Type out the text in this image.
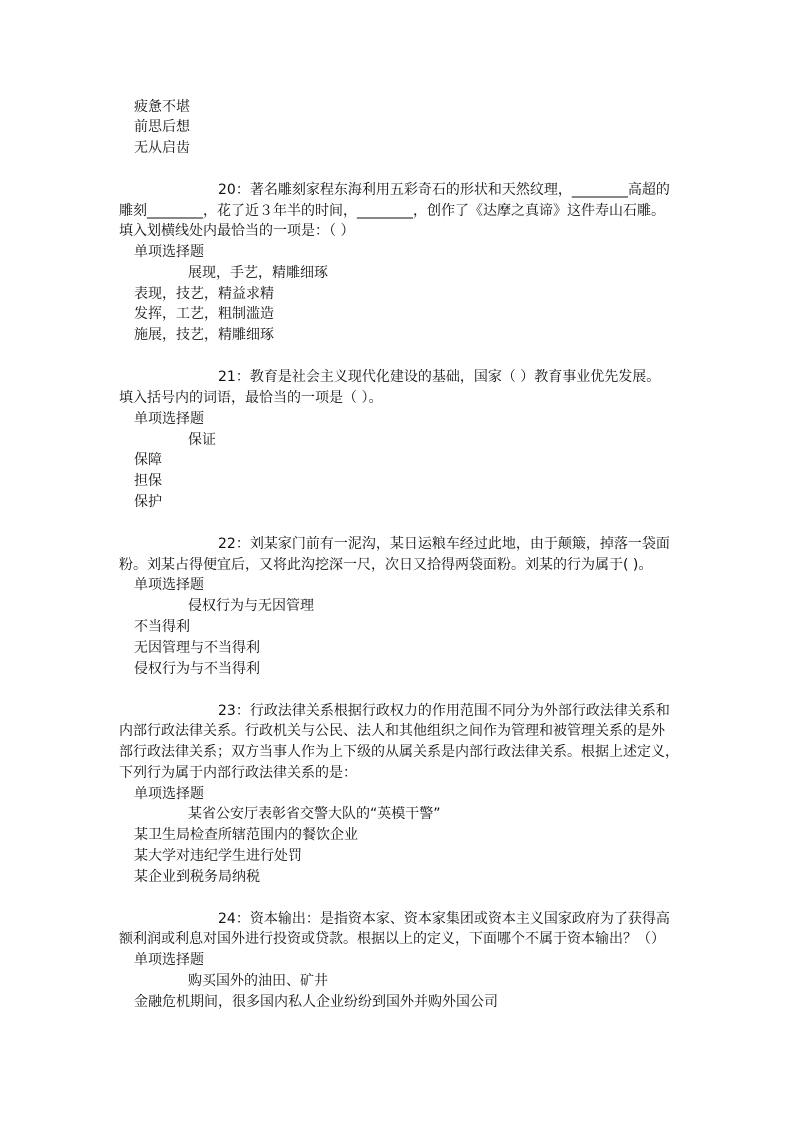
疲惫不堪
前思后想
无从启齿
20：著名雕刻家程东海利用五彩奇石的形状和天然纹理，________高超的
雕刻________，花了近３年半的时间，________，创作了《达摩之真谛》这件寿山石雕。
填入划横线处内最恰当的一项是：（ ）
单项选择题
展现，手艺，精雕细琢
表现，技艺，精益求精
发挥，工艺，粗制滥造
施展，技艺，精雕细琢
21：教育是社会主义现代化建设的基础，国家（ ）教育事业优先发展。
填入括号内的词语，最恰当的一项是（ ）。
单项选择题
保证
保障
担保
保护
22：刘某家门前有一泥沟，某日运粮车经过此地，由于颠簸，掉落一袋面
粉。刘某占得便宜后，又将此沟挖深一尺，次日又拾得两袋面粉。刘某的行为属于( )。
单项选择题
侵权行为与无因管理
不当得利
无因管理与不当得利
侵权行为与不当得利
23：行政法律关系根据行政权力的作用范围不同分为外部行政法律关系和
内部行政法律关系。行政机关与公民、法人和其他组织之间作为管理和被管理关系的是外
部行政法律关系；双方当事人作为上下级的从属关系是内部行政法律关系。根据上述定义，
下列行为属于内部行政法律关系的是：
单项选择题
某省公安厅表彰省交警大队的“英模干警”
某卫生局检查所辖范围内的餐饮企业
某大学对违纪学生进行处罚
某企业到税务局纳税
24：资本输出：是指资本家、资本家集团或资本主义国家政府为了获得高
额利润或利息对国外进行投资或贷款。根据以上的定义，下面哪个不属于资本输出？（）
单项选择题
购买国外的油田、矿井
金融危机期间，很多国内私人企业纷纷到国外并购外国公司
